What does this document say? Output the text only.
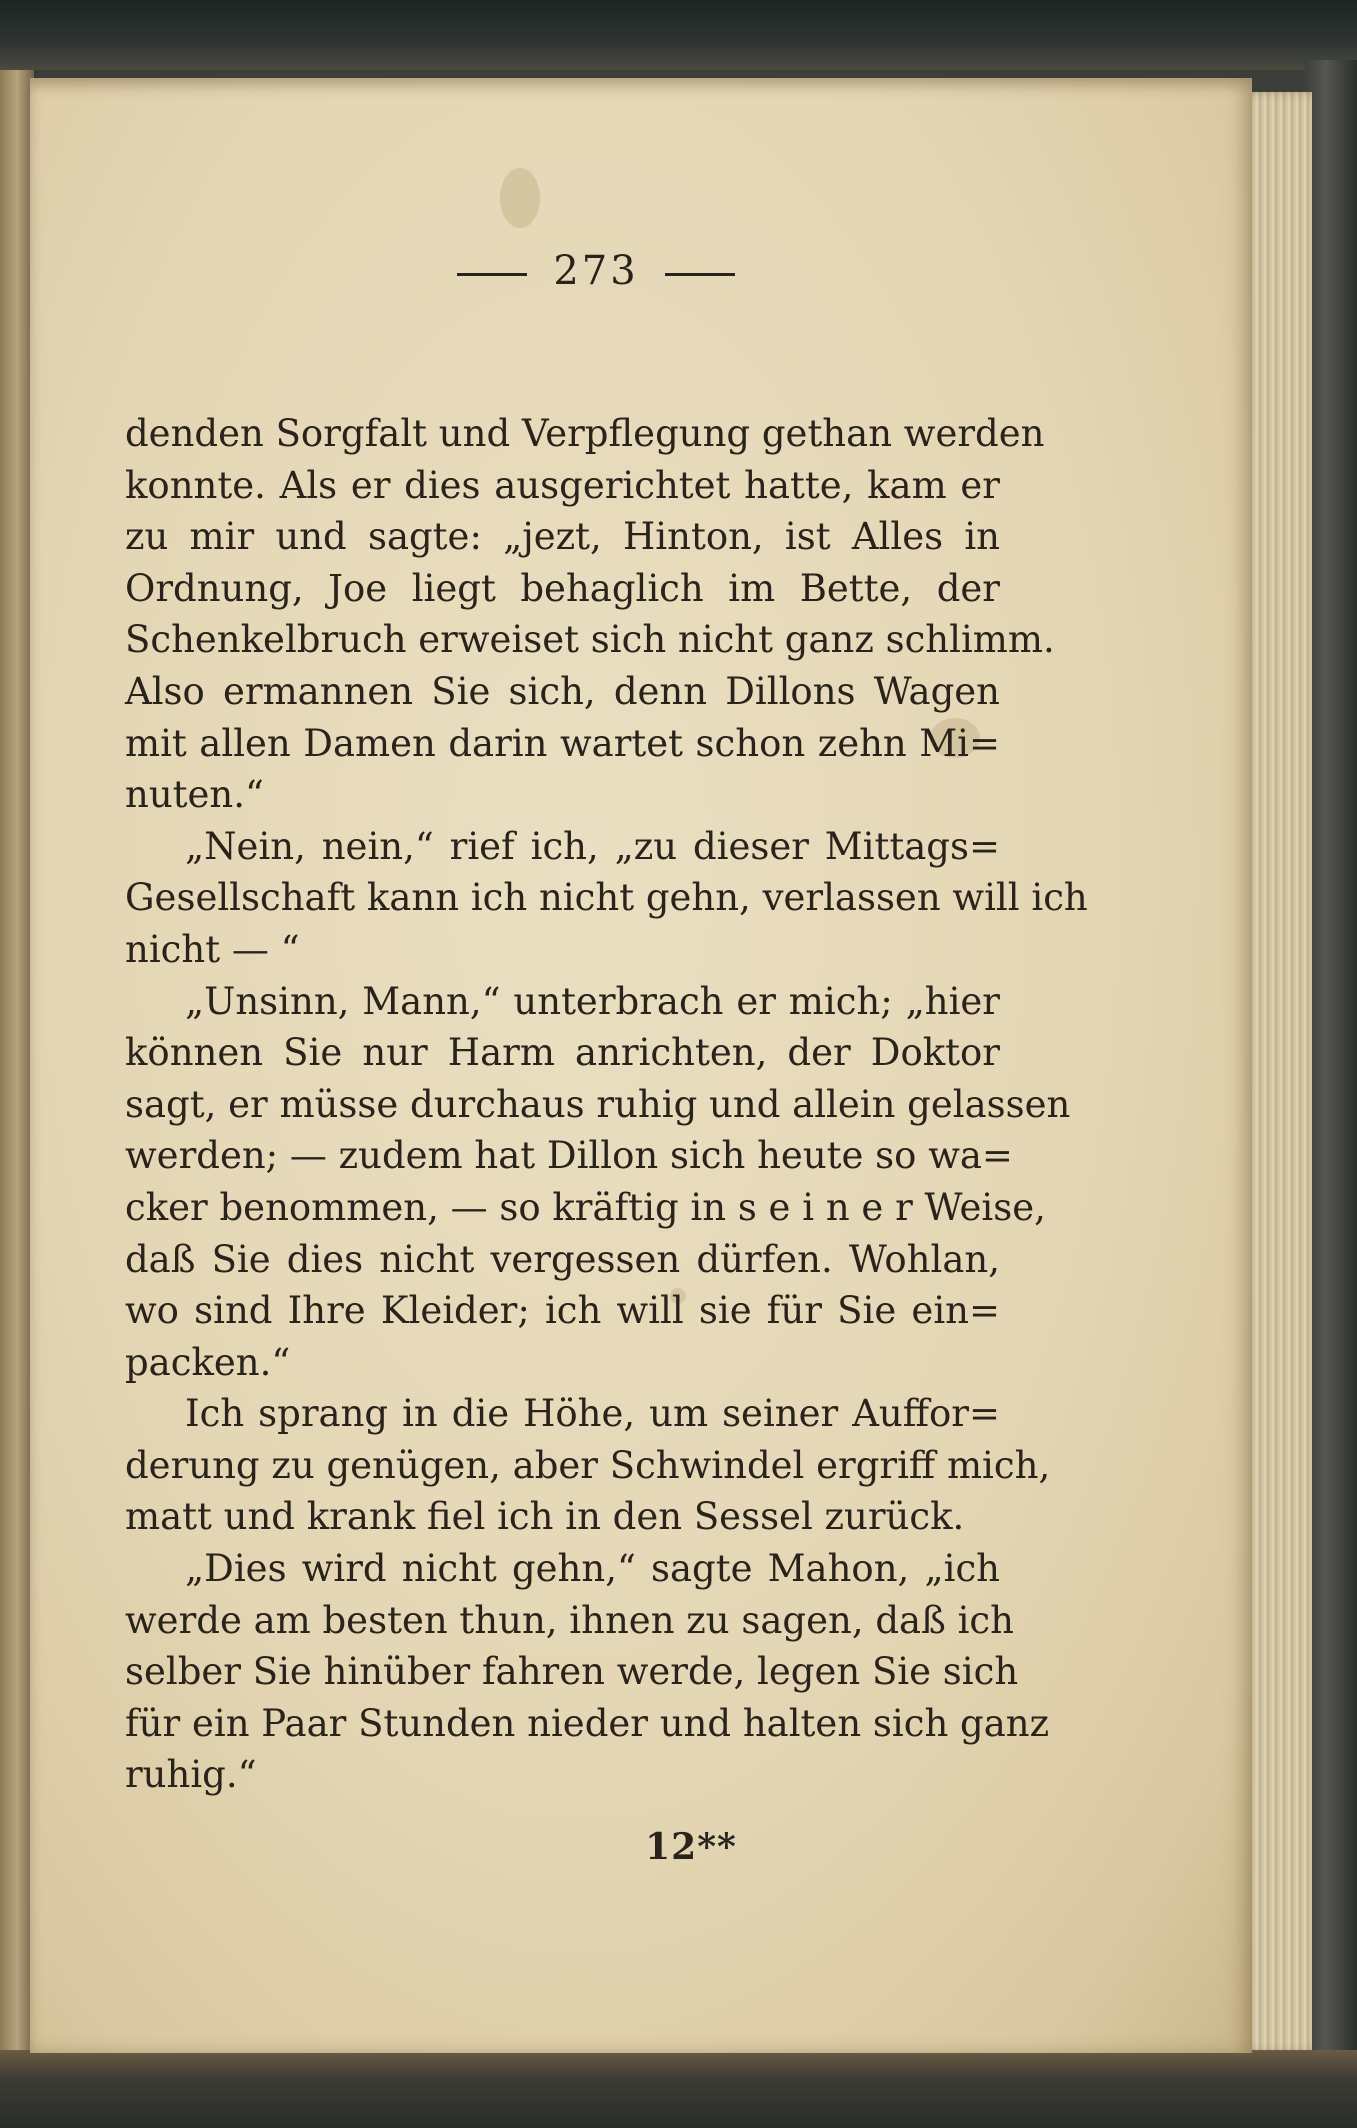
273
denden Sorgfalt und Verpflegung gethan werden
konnte. Als er dies ausgerichtet hatte, kam er
zu mir und sagte: „jezt, Hinton, ist Alles in
Ordnung, Joe liegt behaglich im Bette, der
Schenkelbruch erweiset sich nicht ganz schlimm.
Also ermannen Sie sich, denn Dillons Wagen
mit allen Damen darin wartet schon zehn Mi=
nuten.“
„Nein, nein,“ rief ich, „zu dieser Mittags=
Gesellschaft kann ich nicht gehn, verlassen will ich
nicht — “
„Unsinn, Mann,“ unterbrach er mich; „hier
können Sie nur Harm anrichten, der Doktor
sagt, er müsse durchaus ruhig und allein gelassen
werden; — zudem hat Dillon sich heute so wa=
cker benommen, — so kräftig in s e i n e r Weise,
daß Sie dies nicht vergessen dürfen. Wohlan,
wo sind Ihre Kleider; ich will sie für Sie ein=
packen.“
Ich sprang in die Höhe, um seiner Auffor=
derung zu genügen, aber Schwindel ergriff mich,
matt und krank fiel ich in den Sessel zurück.
„Dies wird nicht gehn,“ sagte Mahon, „ich
werde am besten thun, ihnen zu sagen, daß ich
selber Sie hinüber fahren werde, legen Sie sich
für ein Paar Stunden nieder und halten sich ganz
ruhig.“
12**
